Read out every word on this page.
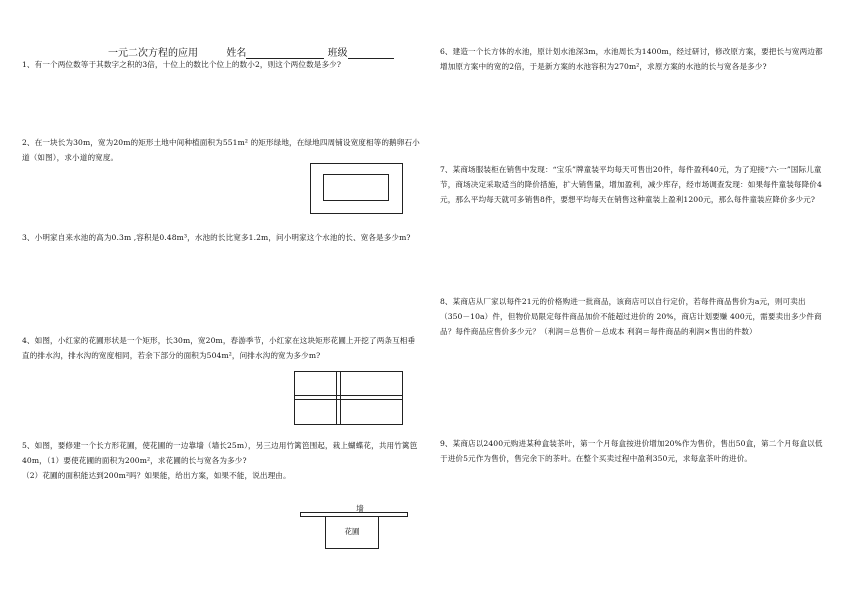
一元二次方程的应用	姓名	班级

1、有一个两位数等于其数字之积的3倍，十位上的数比个位上的数小2，则这个两位数是多少?

2、在一块长为30m，宽为20m的矩形土地中间种植面积为551m² 的矩形绿地，在绿地四周铺设宽度相等的鹅卵石小道（如图），求小道的宽度。

3、小明家自来水池的高为0.3m ,容积是0.48m³，水池的长比宽多1.2m，问小明家这个水池的长、宽各是多少m?

4、如图，小红家的花圃形状是一个矩形，长30m，宽20m，春游季节，小红家在这块矩形花圃上开挖了两条互相垂直的排水沟，排水沟的宽度相同，若余下部分的面积为504m²，问排水沟的宽为多少m?

5、如图，要修建一个长方形花圃，使花圃的一边靠墙（墙长25m），另三边用竹篱笆围起，栽上蝴蝶花，共用竹篱笆40m，（1）要使花圃的面积为200m²，求花圃的长与宽各为多少?

（2）花圃的面积能达到200m²吗？如果能，给出方案，如果不能，说出理由。

墙
花圃

6、建造一个长方体的水池，原计划水池深3m，水池周长为1400m，经过研讨，修改原方案，要把长与宽两边都增加原方案中的宽的2倍，于是新方案的水池容积为270m²，求原方案的水池的长与宽各是多少?

7、某商场服装柜在销售中发现：“宝乐”牌童装平均每天可售出20件，每件盈利40元，为了迎接“六·一”国际儿童节，商场决定采取适当的降价措施，扩大销售量，增加盈利，减少库存，经市场调查发现：如果每件童装每降价4元，那么平均每天就可多销售8件，要想平均每天在销售这种童装上盈利1200元，那么每件童装应降价多少元?

8、某商店从厂家以每件21元的价格购进一批商品，该商店可以自行定价，若每件商品售价为a元，则可卖出（350－10a）件，但物价局限定每件商品加价不能超过进价的 20%，商店计划要赚 400元，需要卖出多少件商品？每件商品应售价多少元？（利润＝总售价－总成本 利润＝每件商品的利润×售出的件数）

9、某商店以2400元购进某种盒装茶叶，第一个月每盒按进价增加20%作为售价，售出50盒，第二个月每盒以低于进价5元作为售价，售完余下的茶叶。在整个买卖过程中盈利350元，求每盒茶叶的进价。
